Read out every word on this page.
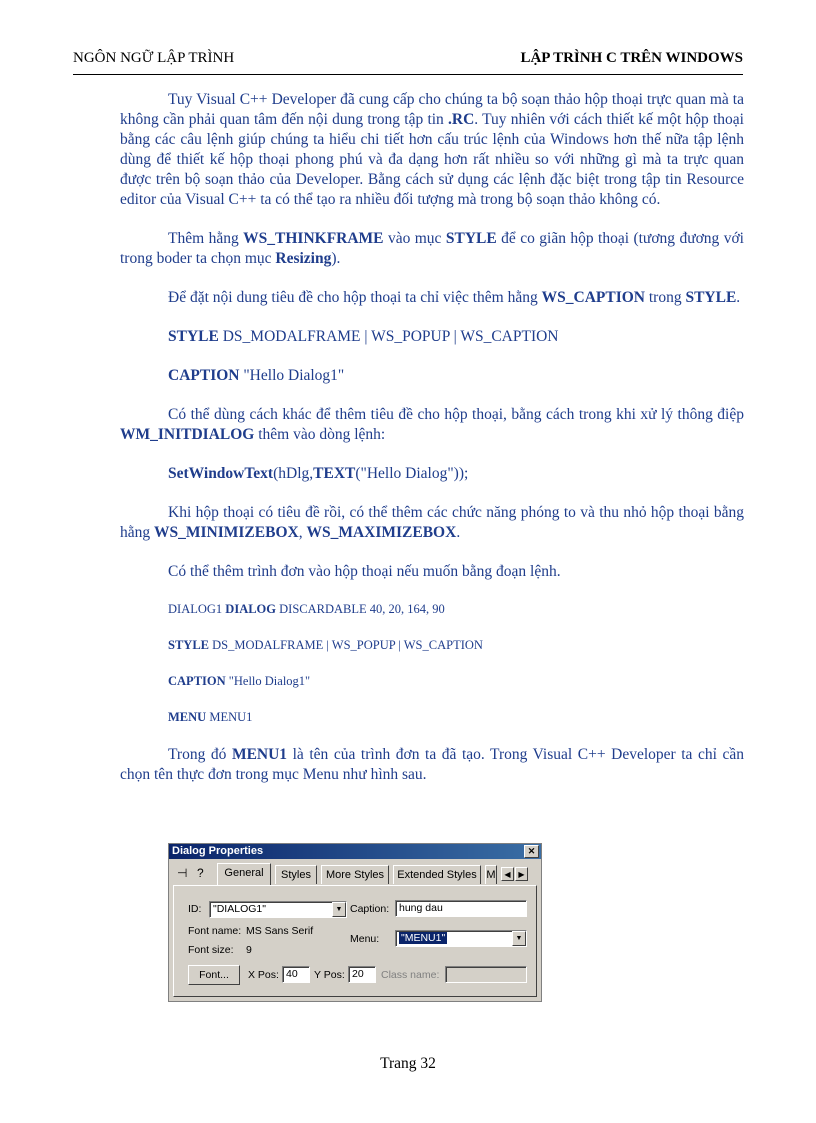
NGÔN NGỮ LẬP TRÌNH	LẬP TRÌNH C TRÊN WINDOWS

Tuy Visual C++ Developer đã cung cấp cho chúng ta bộ soạn thảo hộp thoại trực quan mà ta không cần phải quan tâm đến nội dung trong tập tin .RC. Tuy nhiên với cách thiết kế một hộp thoại bằng các câu lệnh giúp chúng ta hiểu chi tiết hơn cấu trúc lệnh của Windows hơn thế nữa tập lệnh dùng để thiết kế hộp thoại phong phú và đa dạng hơn rất nhiều so với những gì mà ta trực quan được trên bộ soạn thảo của Developer. Bằng cách sử dụng các lệnh đặc biệt trong tập tin Resource editor của Visual C++ ta có thể tạo ra nhiều đối tượng mà trong bộ soạn thảo không có.

Thêm hằng WS_THINKFRAME vào mục STYLE để co giãn hộp thoại (tương đương với trong boder ta chọn mục Resizing).

Để đặt nội dung tiêu đề cho hộp thoại ta chỉ việc thêm hằng WS_CAPTION trong STYLE.

STYLE DS_MODALFRAME | WS_POPUP | WS_CAPTION

CAPTION "Hello Dialog1"

Có thể dùng cách khác để thêm tiêu đề cho hộp thoại, bằng cách trong khi xử lý thông điệp WM_INITDIALOG thêm vào dòng lệnh:

SetWindowText(hDlg,TEXT("Hello Dialog"));

Khi hộp thoại có tiêu đề rồi, có thể thêm các chức năng phóng to và thu nhỏ hộp thoại bằng hằng WS_MINIMIZEBOX, WS_MAXIMIZEBOX.

Có thể thêm trình đơn vào hộp thoại nếu muốn bằng đoạn lệnh.

DIALOG1 DIALOG DISCARDABLE 40, 20, 164, 90

STYLE DS_MODALFRAME | WS_POPUP | WS_CAPTION

CAPTION "Hello Dialog1"

MENU MENU1

Trong đó MENU1 là tên của trình đơn ta đã tạo. Trong Visual C++ Developer ta chỉ cần chọn tên thực đơn trong mục Menu như hình sau.

Dialog Properties	✕
⊣ ?	General	Styles	More Styles	Extended Styles M	◀ ▶
ID:	"DIALOG1"	▼ Caption: hung dau
Font name: MS Sans Serif
Font size: 9
Menu:	"MENU1"	▼
Font...	X Pos: 40	Y Pos: 20	Class name:
Trang 32
